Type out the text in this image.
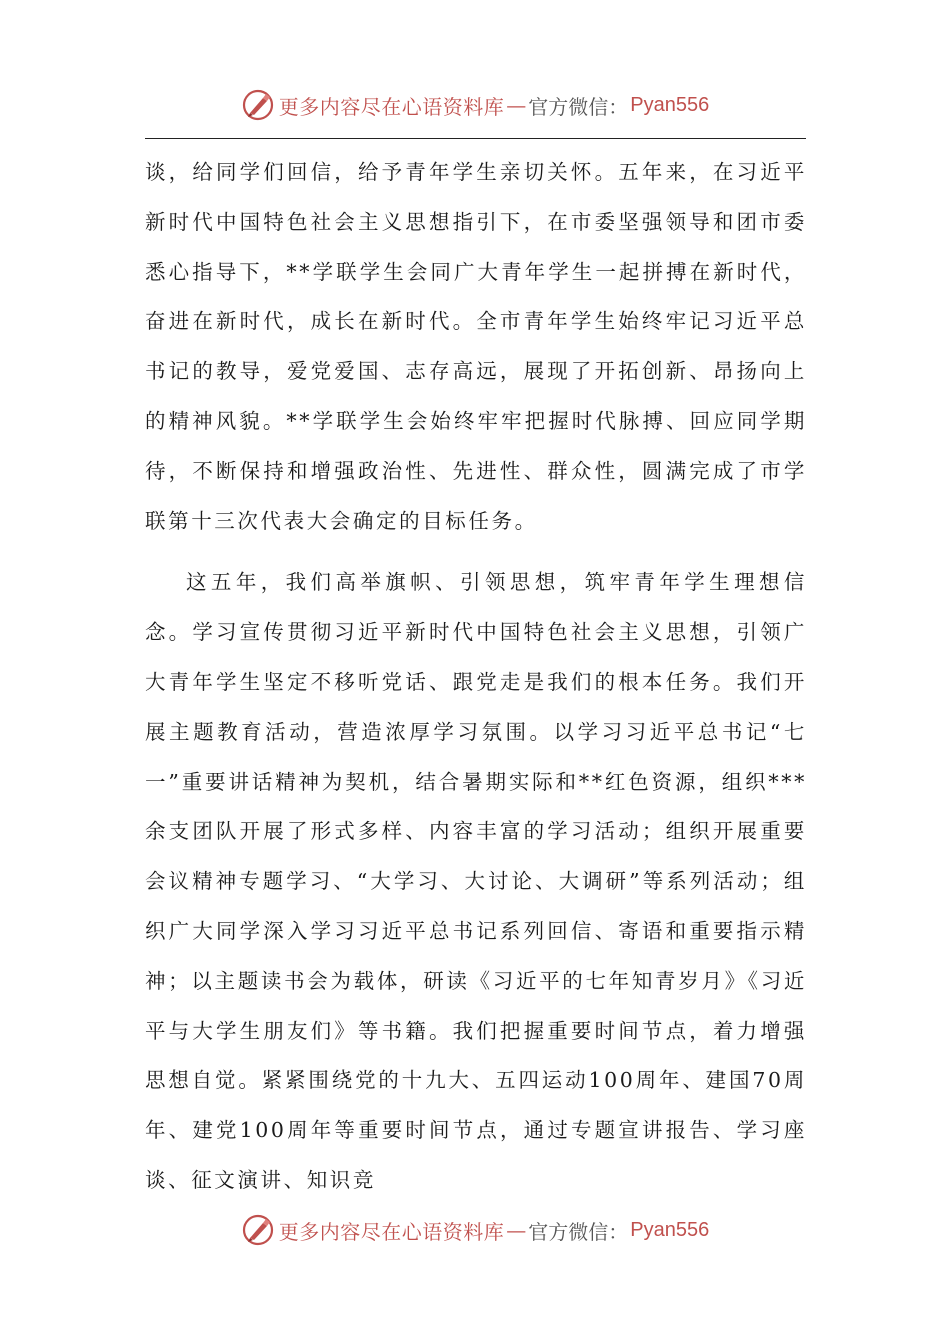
更多内容尽在心语资料库 — 官方微信： Pyan556

谈，给同学们回信，给予青年学生亲切关怀。五年来，在习近平新时代中国特色社会主义思想指引下，在市委坚强领导和团市委悉心指导下，**学联学生会同广大青年学生一起拼搏在新时代，奋进在新时代，成长在新时代。全市青年学生始终牢记习近平总书记的教导，爱党爱国、志存高远，展现了开拓创新、昂扬向上的精神风貌。**学联学生会始终牢牢把握时代脉搏、回应同学期待，不断保持和增强政治性、先进性、群众性，圆满完成了市学联第十三次代表大会确定的目标任务。

这五年，我们高举旗帜、引领思想，筑牢青年学生理想信念。学习宣传贯彻习近平新时代中国特色社会主义思想，引领广大青年学生坚定不移听党话、跟党走是我们的根本任务。我们开展主题教育活动，营造浓厚学习氛围。以学习习近平总书记“七一”重要讲话精神为契机，结合暑期实际和**红色资源，组织***余支团队开展了形式多样、内容丰富的学习活动；组织开展重要会议精神专题学习、“大学习、大讨论、大调研”等系列活动；组织广大同学深入学习习近平总书记系列回信、寄语和重要指示精神；以主题读书会为载体，研读《习近平的七年知青岁月》《习近平与大学生朋友们》等书籍。我们把握重要时间节点，着力增强思想自觉。紧紧围绕党的十九大、五四运动100周年、建国70周年、建党100周年等重要时间节点，通过专题宣讲报告、学习座谈、征文演讲、知识竞

更多内容尽在心语资料库 — 官方微信： Pyan556
